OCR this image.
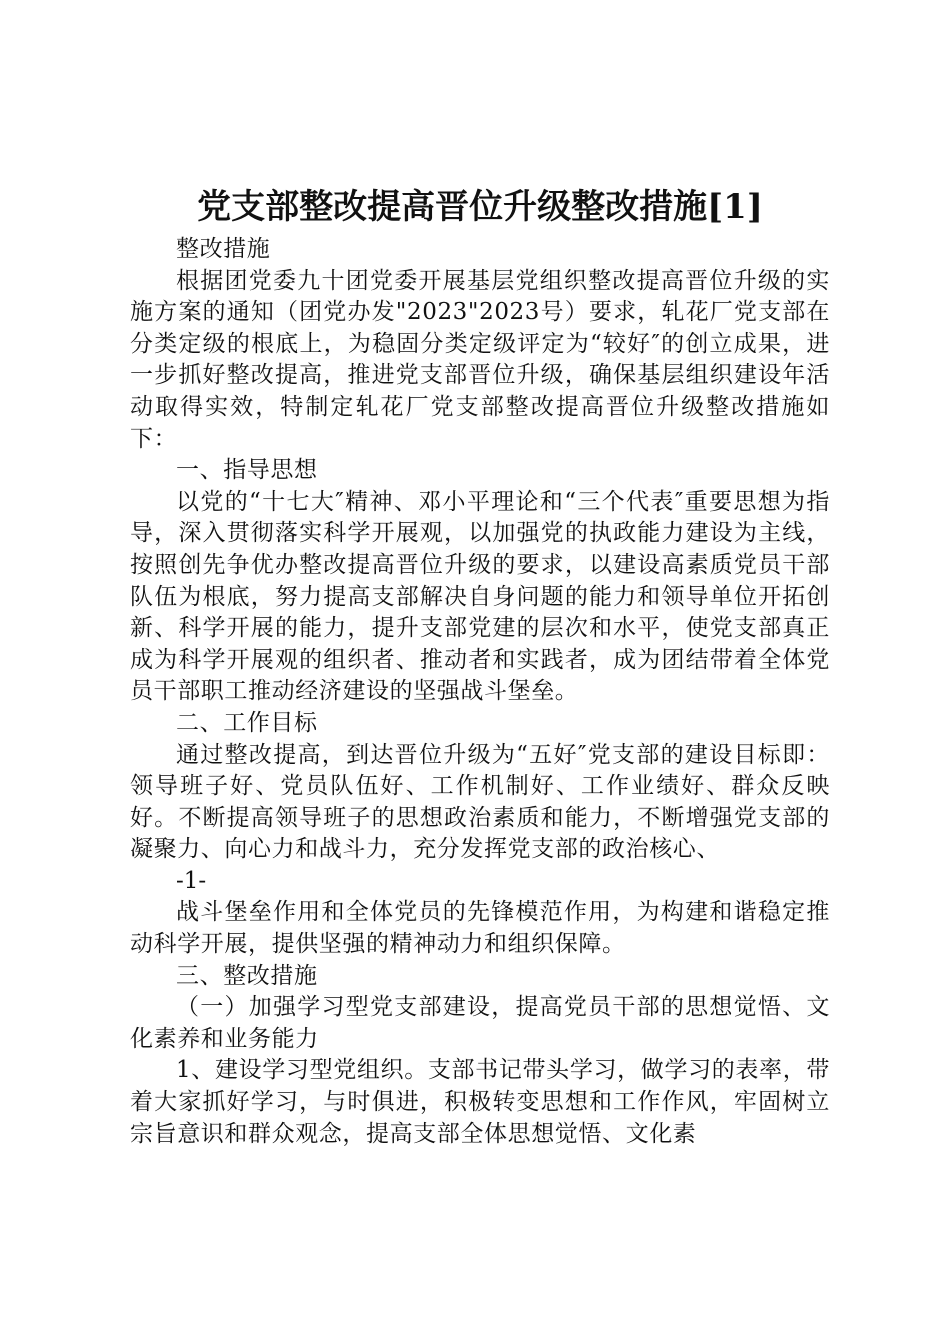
党支部整改提高晋位升级整改措施[1]

整改措施

根据团党委九十团党委开展基层党组织整改提高晋位升级的实施方案的通知（团党办发"2023"2023号）要求，轧花厂党支部在分类定级的根底上，为稳固分类定级评定为“较好″的创立成果，进一步抓好整改提高，推进党支部晋位升级，确保基层组织建设年活动取得实效，特制定轧花厂党支部整改提高晋位升级整改措施如下：

一、指导思想

以党的“十七大″精神、邓小平理论和“三个代表″重要思想为指导，深入贯彻落实科学开展观，以加强党的执政能力建设为主线，按照创先争优办整改提高晋位升级的要求，以建设高素质党员干部队伍为根底，努力提高支部解决自身问题的能力和领导单位开拓创新、科学开展的能力，提升支部党建的层次和水平，使党支部真正成为科学开展观的组织者、推动者和实践者，成为团结带着全体党员干部职工推动经济建设的坚强战斗堡垒。

二、工作目标

通过整改提高，到达晋位升级为“五好″党支部的建设目标即：领导班子好、党员队伍好、工作机制好、工作业绩好、群众反映好。不断提高领导班子的思想政治素质和能力，不断增强党支部的凝聚力、向心力和战斗力，充分发挥党支部的政治核心、

-1-

战斗堡垒作用和全体党员的先锋模范作用，为构建和谐稳定推动科学开展，提供坚强的精神动力和组织保障。

三、整改措施

（一）加强学习型党支部建设，提高党员干部的思想觉悟、文化素养和业务能力

1、建设学习型党组织。支部书记带头学习，做学习的表率，带着大家抓好学习，与时俱进，积极转变思想和工作作风，牢固树立宗旨意识和群众观念，提高支部全体思想觉悟、文化素
